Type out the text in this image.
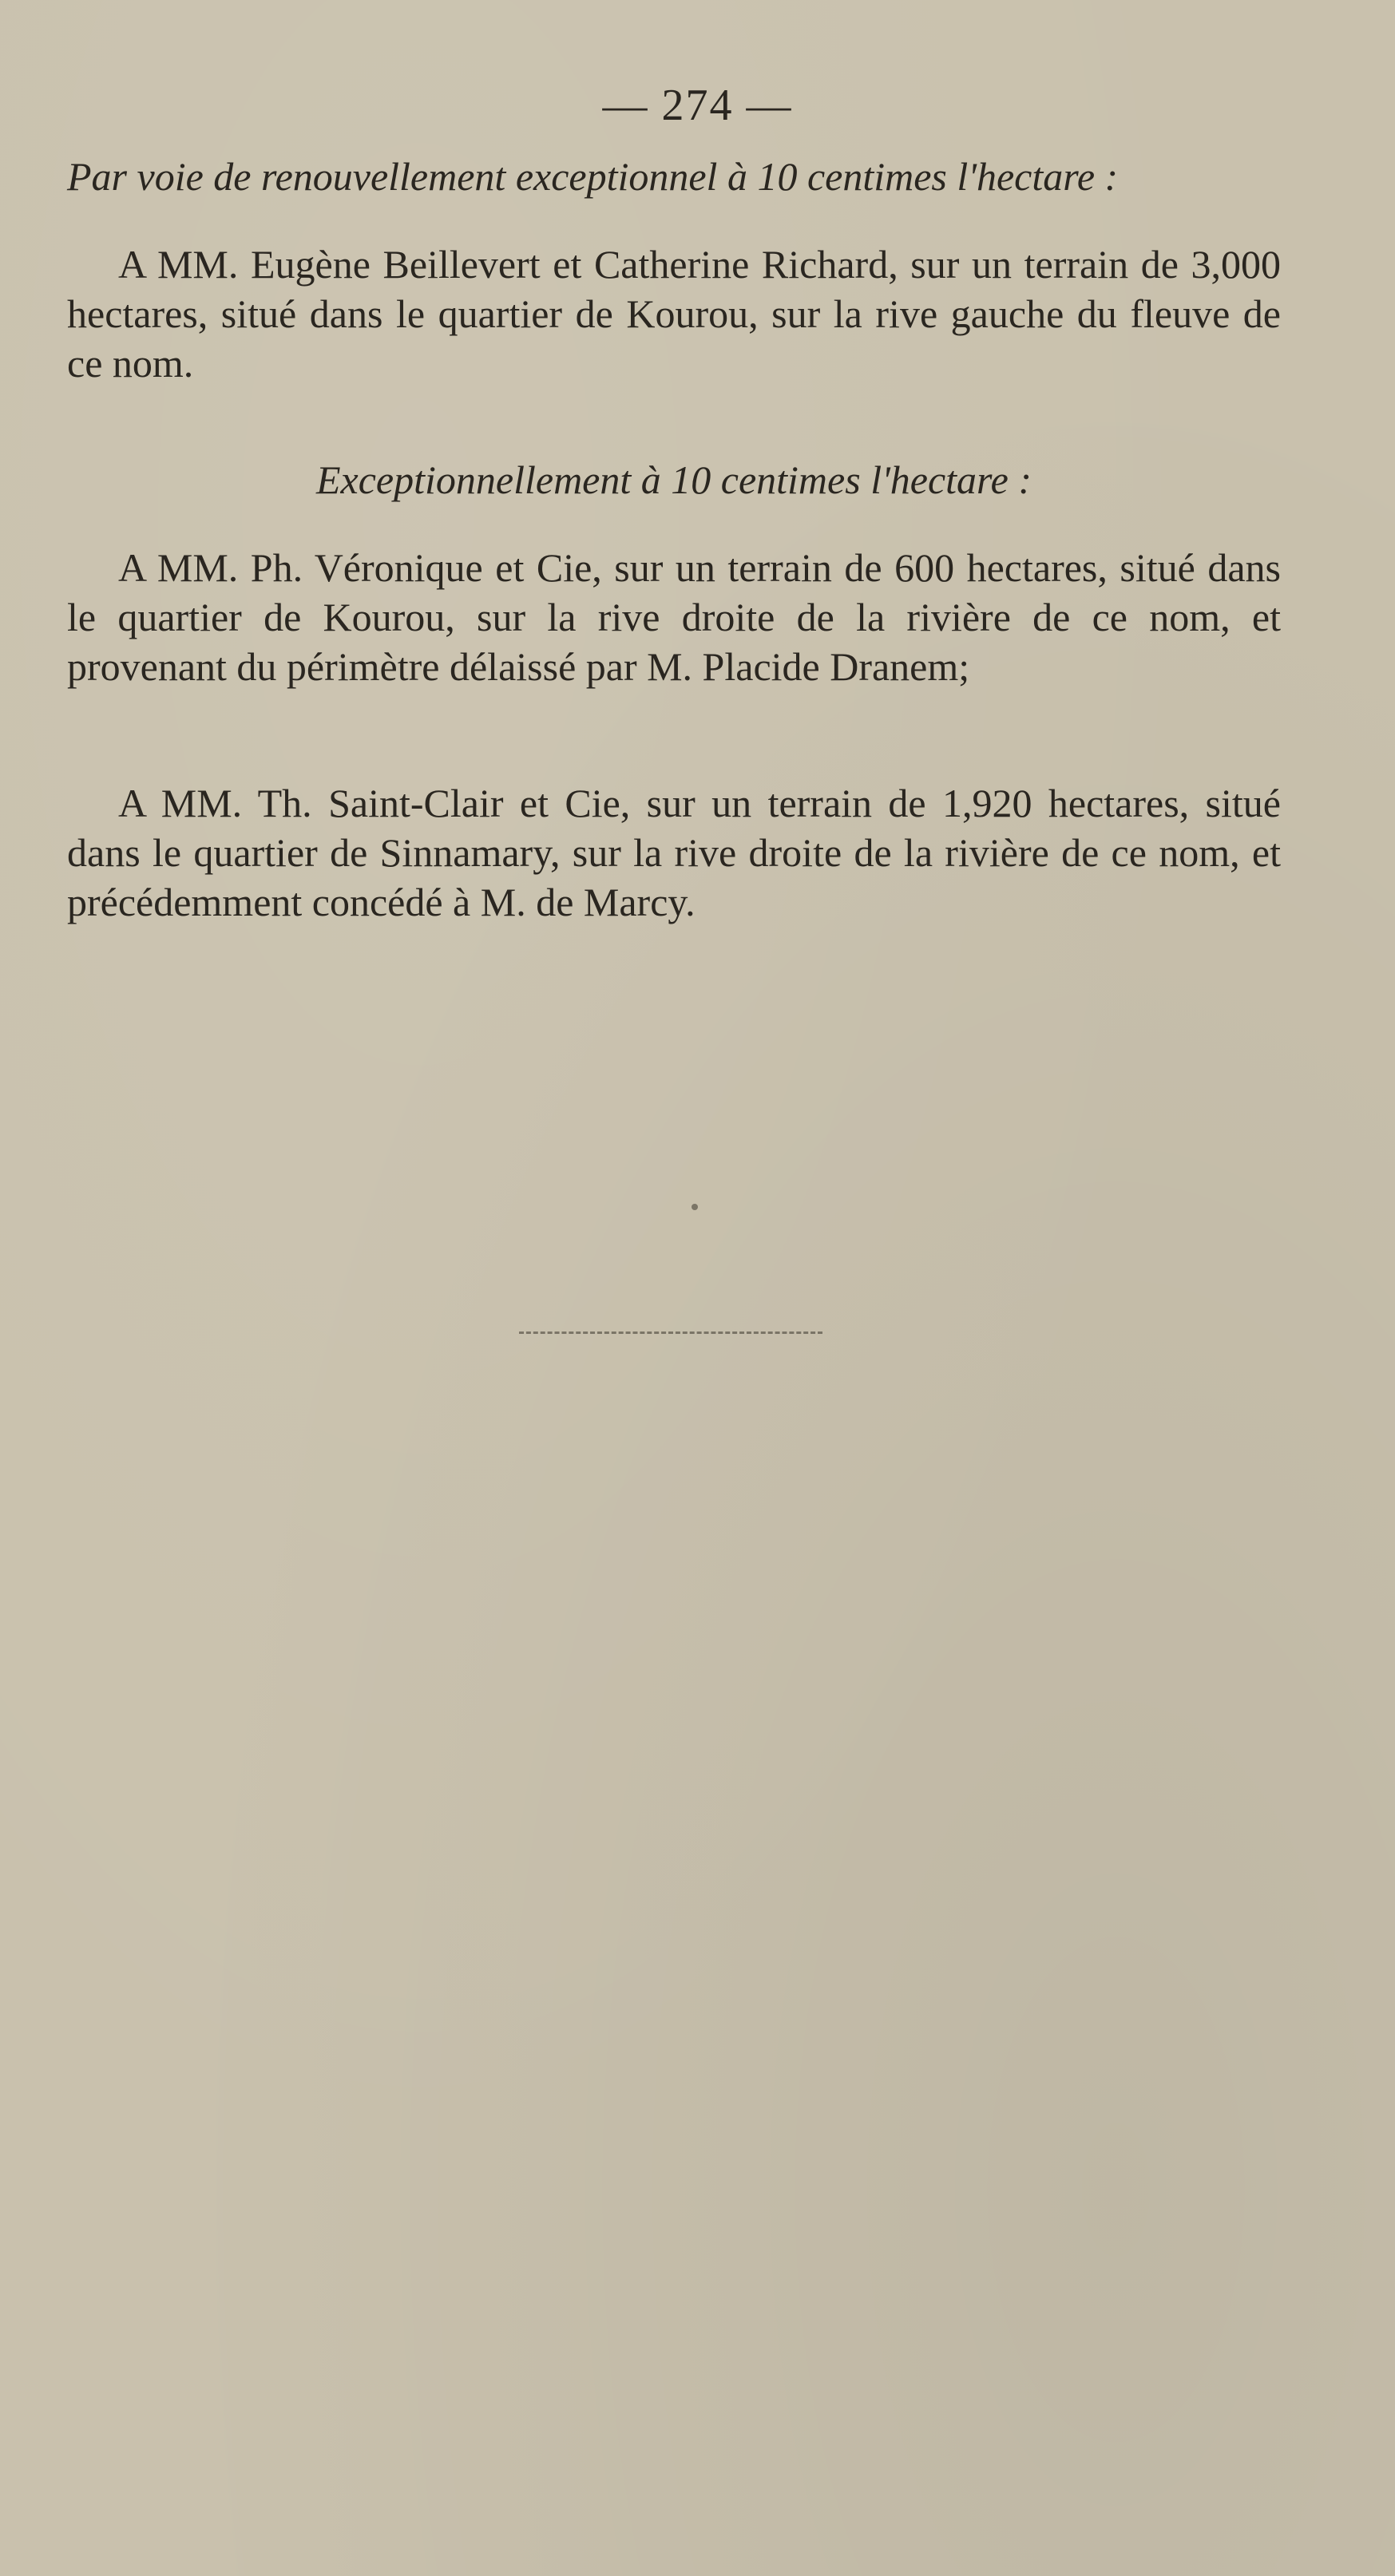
— 274 —
Par voie de renouvellement exceptionnel à 10 centimes l'hectare :

A MM. Eugène Beillevert et Catherine Richard, sur un terrain de 3,000 hectares, situé dans le quartier de Kourou, sur la rive gauche du fleuve de ce nom.

Exceptionnellement à 10 centimes l'hectare :

A MM. Ph. Véronique et Cie, sur un terrain de 600 hectares, situé dans le quartier de Kourou, sur la rive droite de la rivière de ce nom, et provenant du périmètre délaissé par M. Placide Dranem;

A MM. Th. Saint-Clair et Cie, sur un terrain de 1,920 hectares, situé dans le quartier de Sinnamary, sur la rive droite de la rivière de ce nom, et précédemment concédé à M. de Marcy.
